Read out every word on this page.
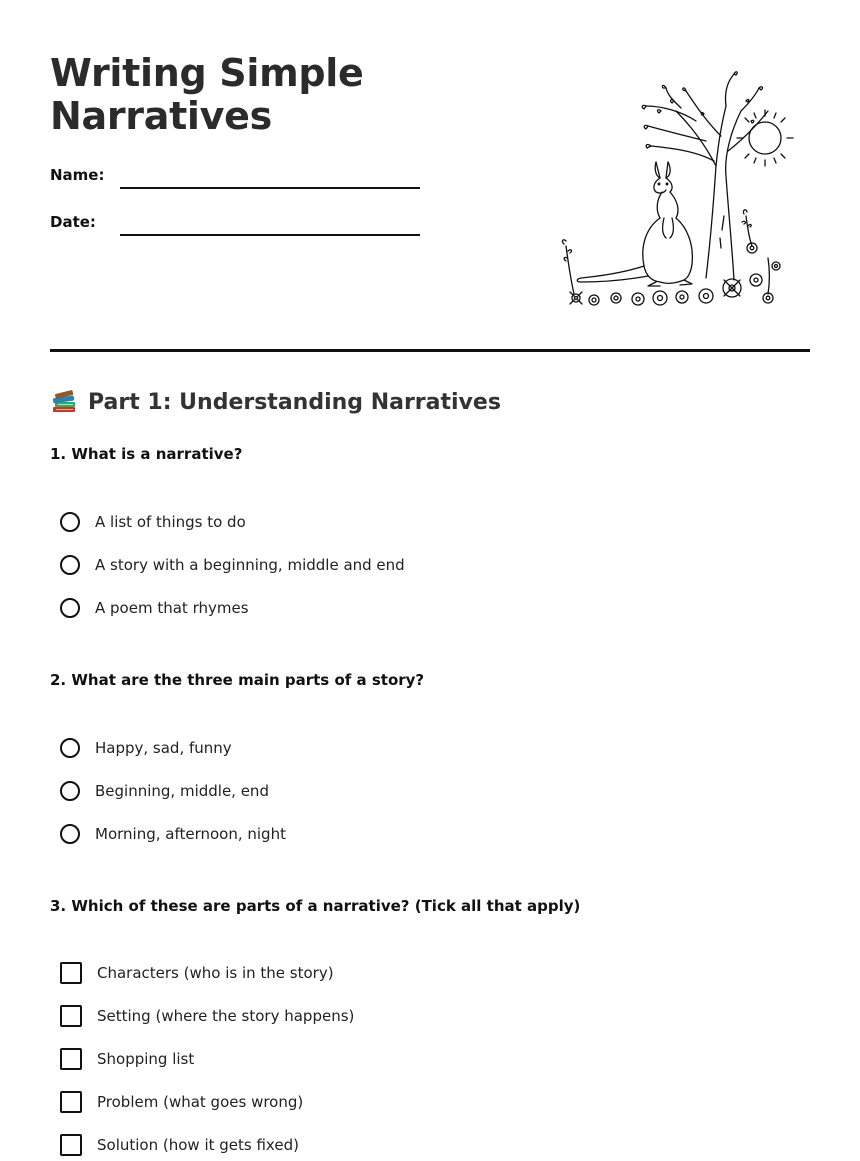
Writing Simple Narratives
Name:
Date:
Part 1: Understanding Narratives
1. What is a narrative?
A list of things to do
A story with a beginning, middle and end
A poem that rhymes
2. What are the three main parts of a story?
Happy, sad, funny
Beginning, middle, end
Morning, afternoon, night
3. Which of these are parts of a narrative? (Tick all that apply)
Characters (who is in the story)
Setting (where the story happens)
Shopping list
Problem (what goes wrong)
Solution (how it gets fixed)
